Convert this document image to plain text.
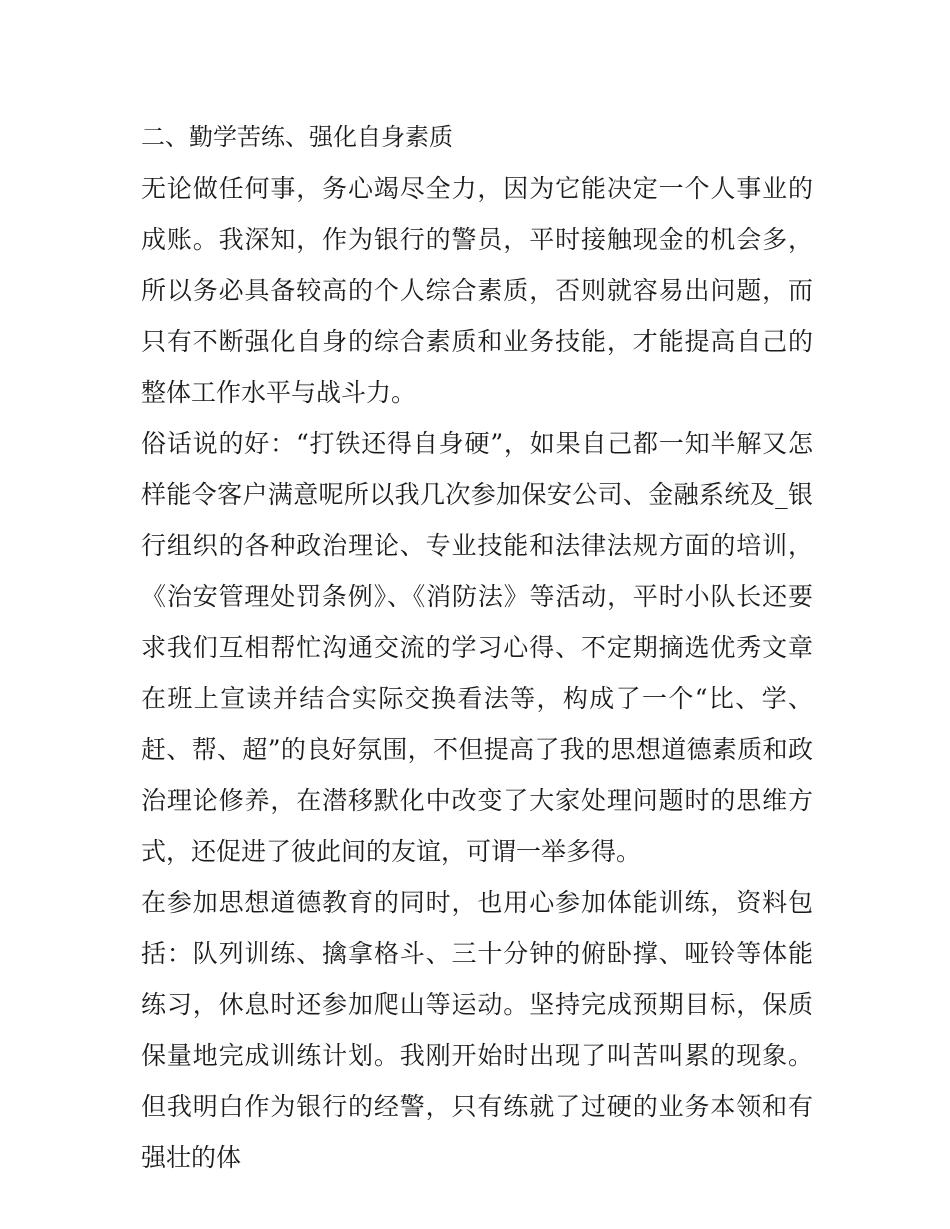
二、勤学苦练、强化自身素质

无论做任何事，务心竭尽全力，因为它能决定一个人事业的成账。我深知，作为银行的警员，平时接触现金的机会多，所以务必具备较高的个人综合素质，否则就容易出问题，而只有不断强化自身的综合素质和业务技能，才能提高自己的整体工作水平与战斗力。

俗话说的好：“打铁还得自身硬”，如果自己都一知半解又怎样能令客户满意呢所以我几次参加保安公司、金融系统及_银行组织的各种政治理论、专业技能和法律法规方面的培训，《治安管理处罚条例》、《消防法》等活动，平时小队长还要求我们互相帮忙沟通交流的学习心得、不定期摘选优秀文章在班上宣读并结合实际交换看法等，构成了一个“比、学、赶、帮、超”的良好氛围，不但提高了我的思想道德素质和政治理论修养，在潜移默化中改变了大家处理问题时的思维方式，还促进了彼此间的友谊，可谓一举多得。

在参加思想道德教育的同时，也用心参加体能训练，资料包括：队列训练、擒拿格斗、三十分钟的俯卧撑、哑铃等体能练习，休息时还参加爬山等运动。坚持完成预期目标，保质保量地完成训练计划。我刚开始时出现了叫苦叫累的现象。但我明白作为银行的经警，只有练就了过硬的业务本领和有强壮的体
